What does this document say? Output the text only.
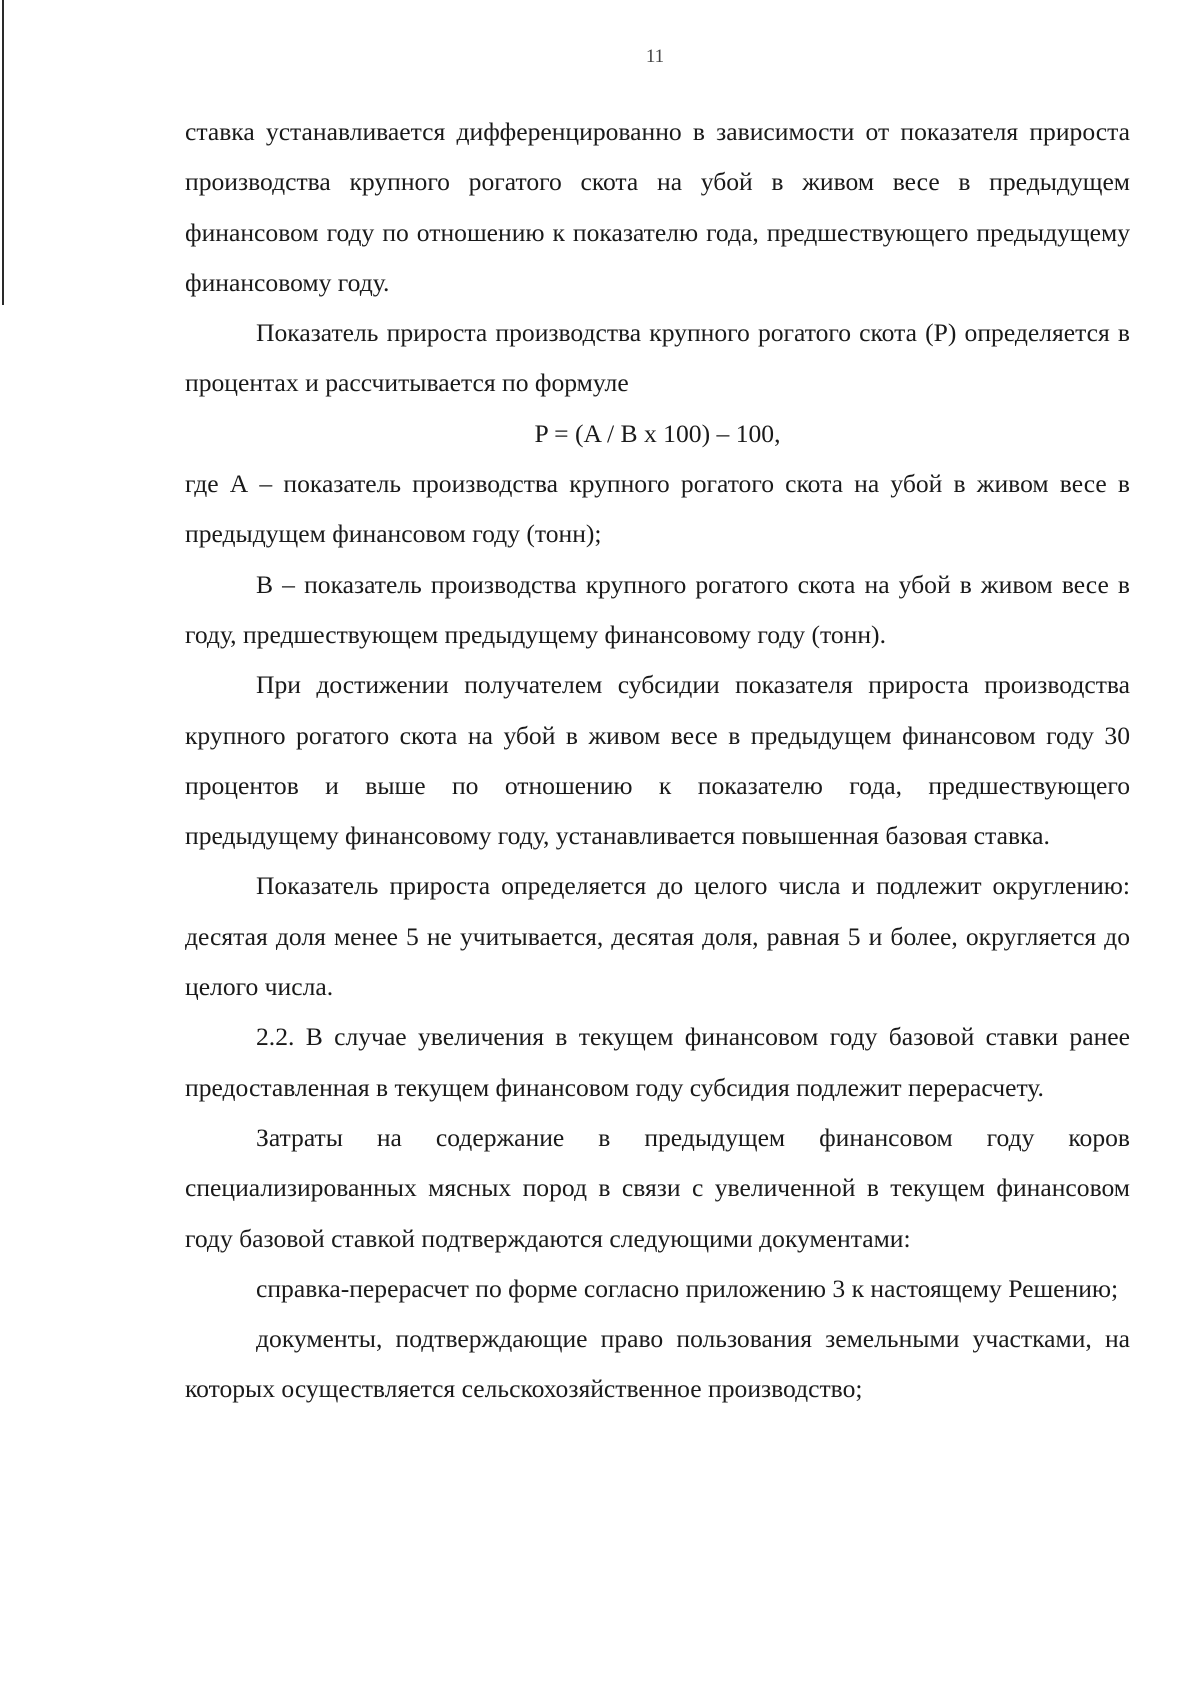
11

ставка устанавливается дифференцированно в зависимости от показателя прироста производства крупного рогатого скота на убой в живом весе в предыдущем финансовом году по отношению к показателю года, предшествующего предыдущему финансовому году.

Показатель прироста производства крупного рогатого скота (Р) определяется в процентах и рассчитывается по формуле

P = (A / B x 100) – 100,

где А – показатель производства крупного рогатого скота на убой в живом весе в предыдущем финансовом году (тонн);

В – показатель производства крупного рогатого скота на убой в живом весе в году, предшествующем предыдущему финансовому году (тонн).

При достижении получателем субсидии показателя прироста производства крупного рогатого скота на убой в живом весе в предыдущем финансовом году 30 процентов и выше по отношению к показателю года, предшествующего предыдущему финансовому году, устанавливается повышенная базовая ставка.

Показатель прироста определяется до целого числа и подлежит округлению: десятая доля менее 5 не учитывается, десятая доля, равная 5 и более, округляется до целого числа.

2.2. В случае увеличения в текущем финансовом году базовой ставки ранее предоставленная в текущем финансовом году субсидия подлежит перерасчету.

Затраты на содержание в предыдущем финансовом году коров специализированных мясных пород в связи с увеличенной в текущем финансовом году базовой ставкой подтверждаются следующими документами:

справка-перерасчет по форме согласно приложению 3 к настоящему Решению;

документы, подтверждающие право пользования земельными участками, на которых осуществляется сельскохозяйственное производство;
